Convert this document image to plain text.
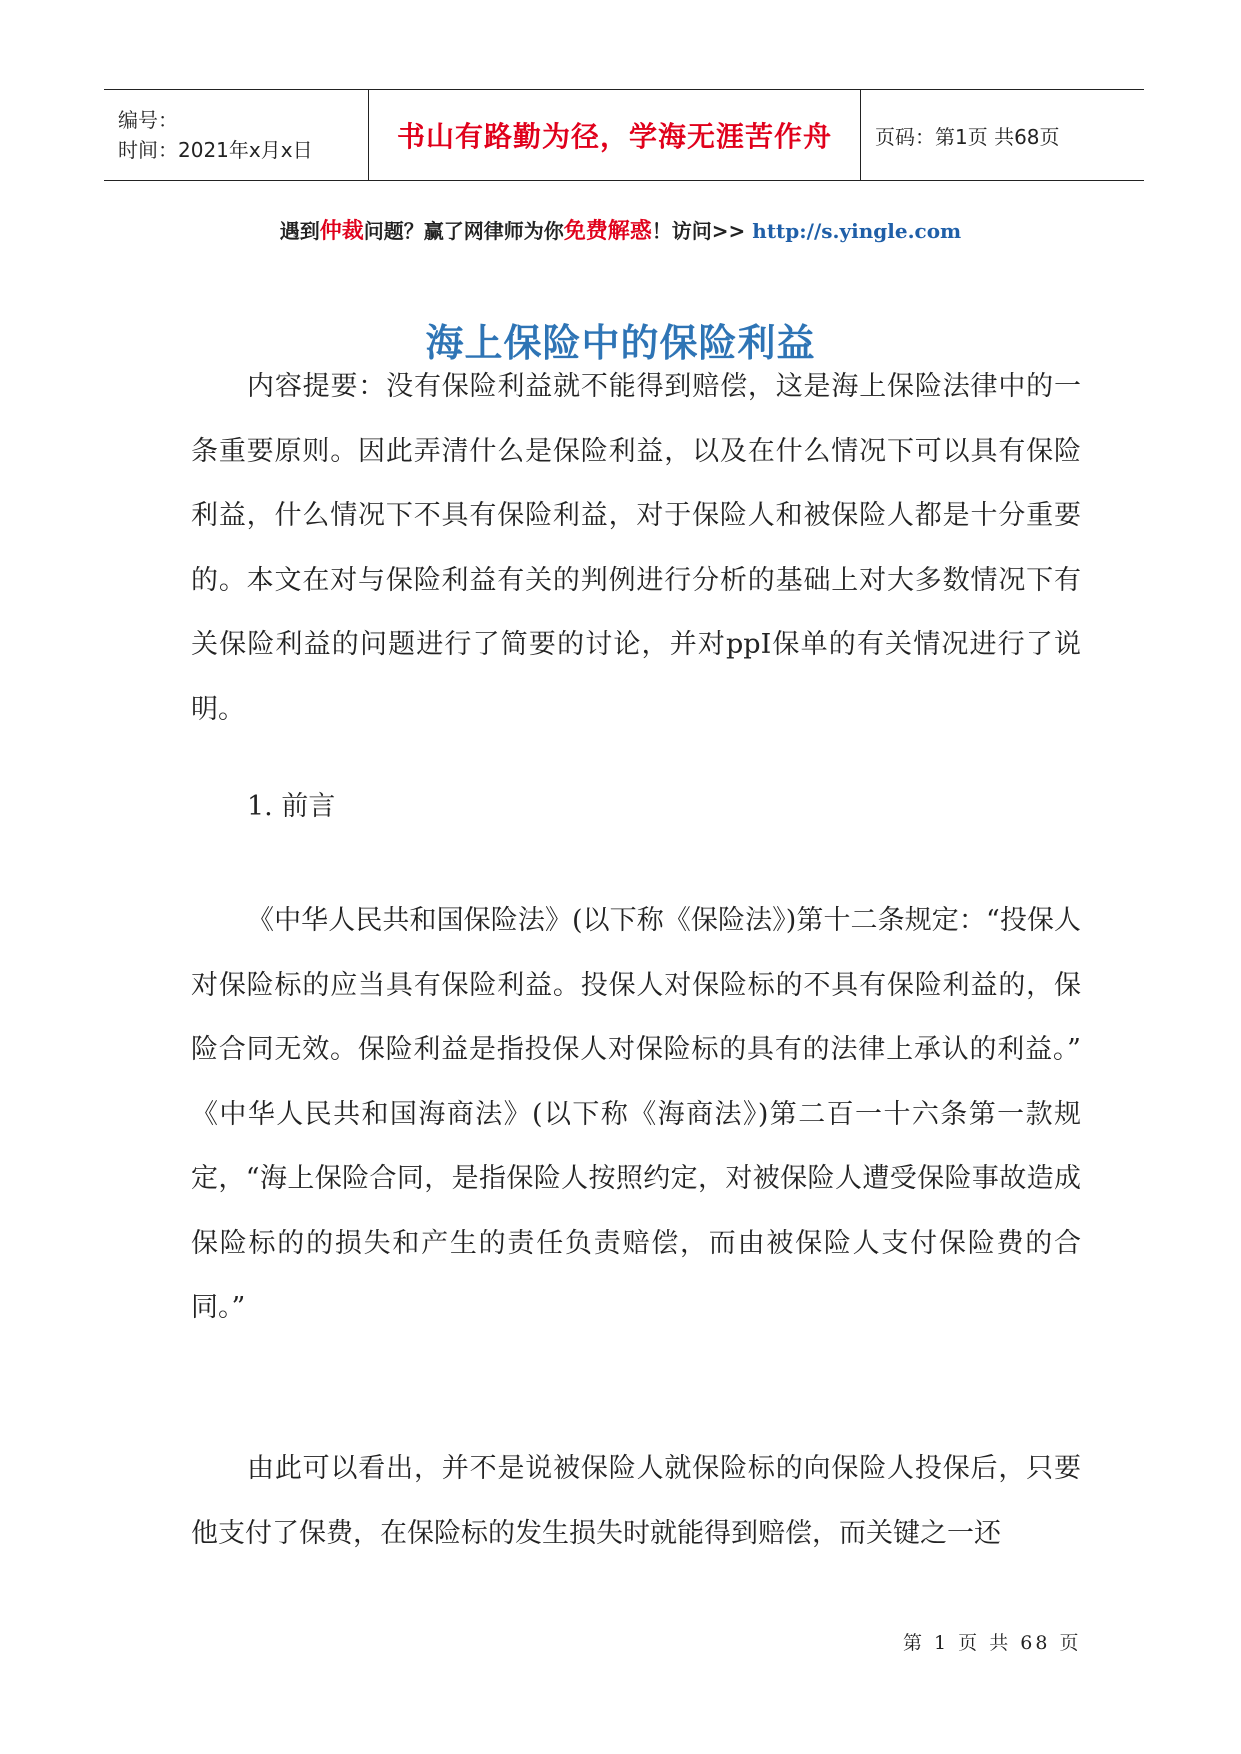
编号：
时间：2021年x月x日	书山有路勤为径，学海无涯苦作舟	页码：第1页 共68页
遇到仲裁问题？赢了网律师为你免费解惑！访问>> http://s.yingle.com
海上保险中的保险利益

内容提要：没有保险利益就不能得到赔偿，这是海上保险法律中的一条重要原则。因此弄清什么是保险利益，以及在什么情况下可以具有保险利益，什么情况下不具有保险利益，对于保险人和被保险人都是十分重要的。本文在对与保险利益有关的判例进行分析的基础上对大多数情况下有关保险利益的问题进行了简要的讨论，并对ppI保单的有关情况进行了说明。

1. 前言

《中华人民共和国保险法》(以下称《保险法》)第十二条规定：“投保人对保险标的应当具有保险利益。投保人对保险标的不具有保险利益的，保险合同无效。保险利益是指投保人对保险标的具有的法律上承认的利益。”　《中华人民共和国海商法》(以下称《海商法》)第二百一十六条第一款规定，“海上保险合同，是指保险人按照约定，对被保险人遭受保险事故造成保险标的的损失和产生的责任负责赔偿，而由被保险人支付保险费的合同。”

由此可以看出，并不是说被保险人就保险标的向保险人投保后，只要他支付了保费，在保险标的发生损失时就能得到赔偿，而关键之一还

第 1 页 共 68 页
